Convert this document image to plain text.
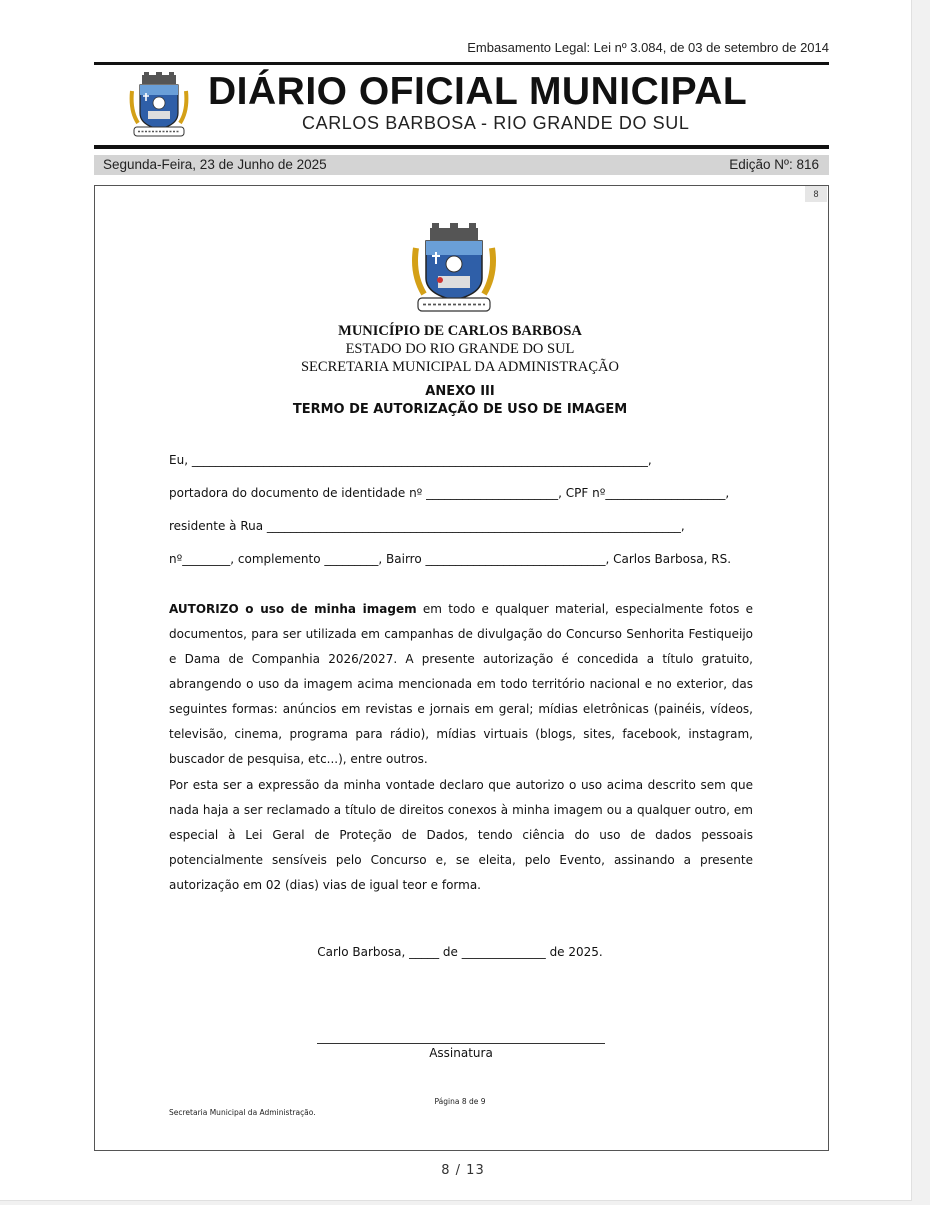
Embasamento Legal: Lei nº 3.084, de 03 de setembro de 2014
DIÁRIO OFICIAL MUNICIPAL
CARLOS BARBOSA - RIO GRANDE DO SUL
Segunda-Feira, 23 de Junho de 2025	Edição Nº: 816
8
MUNICÍPIO DE CARLOS BARBOSA
ESTADO DO RIO GRANDE DO SUL
SECRETARIA MUNICIPAL DA ADMINISTRAÇÃO
ANEXO III
TERMO DE AUTORIZAÇÃO DE USO DE IMAGEM
Eu, ____________________________________________________________________________,
portadora do documento de identidade nº ______________________, CPF nº____________________,
residente à Rua _____________________________________________________________________,
nº________, complemento _________, Bairro ______________________________, Carlos Barbosa, RS.
AUTORIZO o uso de minha imagem em todo e qualquer material, especialmente fotos e documentos, para ser utilizada em campanhas de divulgação do Concurso Senhorita Festiqueijo e Dama de Companhia 2026/2027. A presente autorização é concedida a título gratuito, abrangendo o uso da imagem acima mencionada em todo território nacional e no exterior, das seguintes formas: anúncios em revistas e jornais em geral; mídias eletrônicas (painéis, vídeos, televisão, cinema, programa para rádio), mídias virtuais (blogs, sites, facebook, instagram, buscador de pesquisa, etc...), entre outros.
Por esta ser a expressão da minha vontade declaro que autorizo o uso acima descrito sem que nada haja a ser reclamado a título de direitos conexos à minha imagem ou a qualquer outro, em especial à Lei Geral de Proteção de Dados, tendo ciência do uso de dados pessoais potencialmente sensíveis pelo Concurso e, se eleita, pelo Evento, assinando a presente autorização em 02 (dias) vias de igual teor e forma.
Carlo Barbosa, _____ de ______________ de 2025.
Assinatura
Página 8 de 9
Secretaria Municipal da Administração.
8 / 13
